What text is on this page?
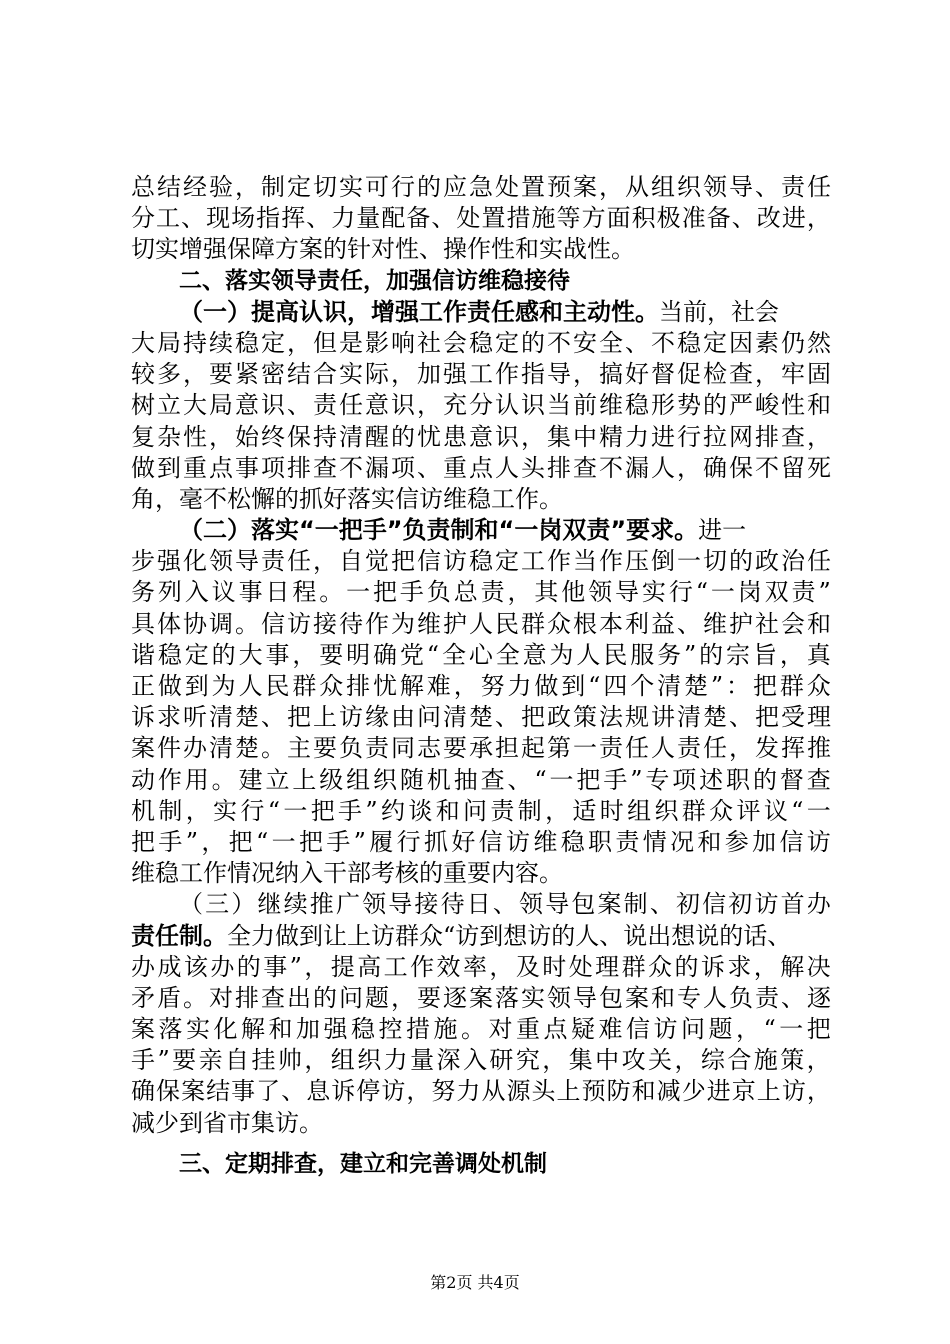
总 结 经 验 ， 制 定 切 实 可 行 的 应 急 处 置 预 案 ， 从 组 织 领 导 、 责 任
分 工 、 现 场 指 挥 、 力 量 配 备 、 处 置 措 施 等 方 面 积 极 准 备 、 改 进 ，
切实增强保障方案的针对性、操作性和实战性。
二、落实领导责任，加强信访维稳接待
（一）提高认识，增强工作责任感和主动性。 当前，社会
大 局 持 续 稳 定 ， 但 是 影 响 社 会 稳 定 的 不 安 全 、 不 稳 定 因 素 仍 然
较 多 ， 要 紧 密 结 合 实 际 ， 加 强 工 作 指 导 ， 搞 好 督 促 检 查 ， 牢 固
树 立 大 局 意 识 、 责 任 意 识 ， 充 分 认 识 当 前 维 稳 形 势 的 严 峻 性 和
复 杂 性 ， 始 终 保 持 清 醒 的 忧 患 意 识 ， 集 中 精 力 进 行 拉 网 排 查 ，
做 到 重 点 事 项 排 查 不 漏 项 、 重 点 人 头 排 查 不 漏 人 ， 确 保 不 留 死
角，毫不松懈的抓好落实信访维稳工作。
（二）落实“一把手”负责制和“一岗双责”要求。 进一
步 强 化 领 导 责 任 ， 自 觉 把 信 访 稳 定 工 作 当 作 压 倒 一 切 的 政 治 任
务 列 入 议 事 日 程 。 一 把 手 负 总 责 ， 其 他 领 导 实 行 “ 一 岗 双 责 ”
具 体 协 调 。 信 访 接 待 作 为 维 护 人 民 群 众 根 本 利 益 、 维 护 社 会 和
谐 稳 定 的 大 事 ， 要 明 确 党 “ 全 心 全 意 为 人 民 服 务 ” 的 宗 旨 ， 真
正 做 到 为 人 民 群 众 排 忧 解 难 ， 努 力 做 到 “ 四 个 清 楚 ” ： 把 群 众
诉 求 听 清 楚 、 把 上 访 缘 由 问 清 楚 、 把 政 策 法 规 讲 清 楚 、 把 受 理
案 件 办 清 楚 。 主 要 负 责 同 志 要 承 担 起 第 一 责 任 人 责 任 ， 发 挥 推
动 作 用 。 建 立 上 级 组 织 随 机 抽 查 、 “ 一 把 手 ” 专 项 述 职 的 督 查
机 制 ， 实 行 “ 一 把 手 ” 约 谈 和 问 责 制 ， 适 时 组 织 群 众 评 议 “ 一
把 手 ” ， 把 “ 一 把 手 ” 履 行 抓 好 信 访 维 稳 职 责 情 况 和 参 加 信 访
维稳工作情况纳入干部考核的重要内容。
（ 三 ） 继 续 推 广 领 导 接 待 日 、 领 导 包 案 制 、 初 信 初 访 首 办
责任制。 全力做到让上访群众“访到想访的人、说出想说的话、
办 成 该 办 的 事 ” ， 提 高 工 作 效 率 ， 及 时 处 理 群 众 的 诉 求 ， 解 决
矛 盾 。 对 排 查 出 的 问 题 ， 要 逐 案 落 实 领 导 包 案 和 专 人 负 责 、 逐
案 落 实 化 解 和 加 强 稳 控 措 施 。 对 重 点 疑 难 信 访 问 题 ， “ 一 把
手 ” 要 亲 自 挂 帅 ， 组 织 力 量 深 入 研 究 ， 集 中 攻 关 ， 综 合 施 策 ，
确 保 案 结 事 了 、 息 诉 停 访 ， 努 力 从 源 头 上 预 防 和 减 少 进 京 上 访 ，
减少到省市集访。
三、定期排查，建立和完善调处机制
第2页 共4页
